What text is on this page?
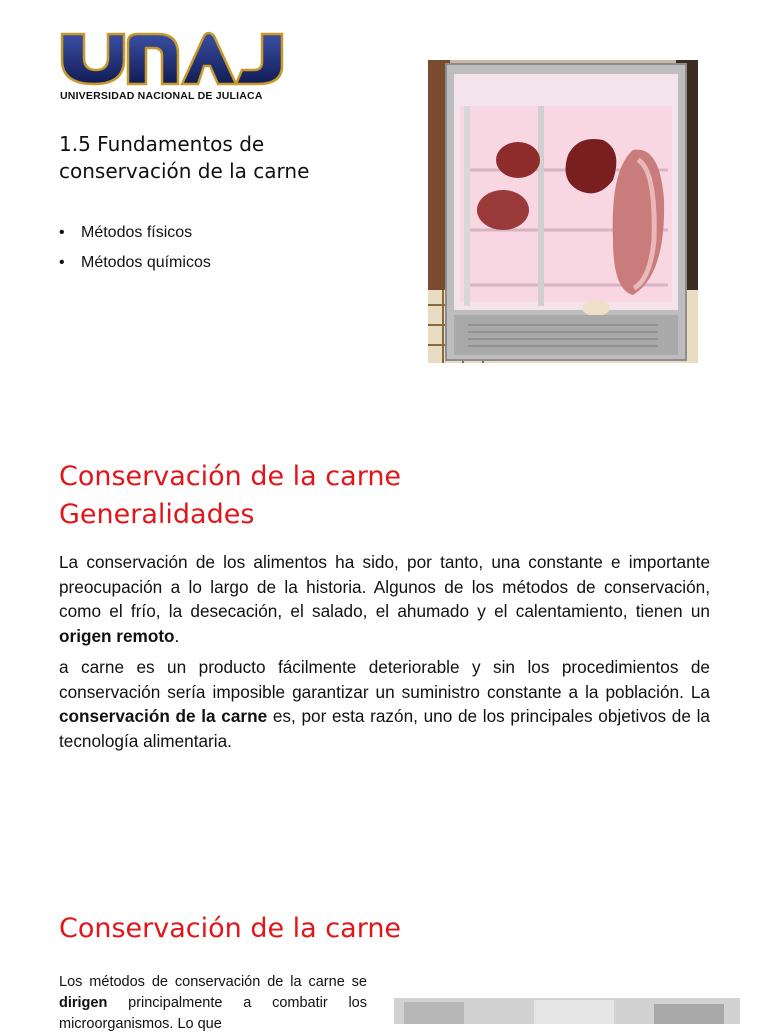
UNIVERSIDAD NACIONAL DE JULIACA
1.5 Fundamentos de conservación de la carne
• Métodos físicos
• Métodos químicos
Conservación de la carne
Generalidades

La conservación de los alimentos ha sido, por tanto, una constante e importante preocupación a lo largo de la historia. Algunos de los métodos de conservación, como el frío, la desecación, el salado, el ahumado y el calentamiento, tienen un origen remoto.

a carne es un producto fácilmente deteriorable y sin los procedimientos de conservación sería imposible garantizar un suministro constante a la población. La conservación de la carne es, por esta razón, uno de los principales objetivos de la tecnología alimentaria.

Conservación de la carne

Los métodos de conservación de la carne se dirigen principalmente a combatir los microorganismos. Lo que
